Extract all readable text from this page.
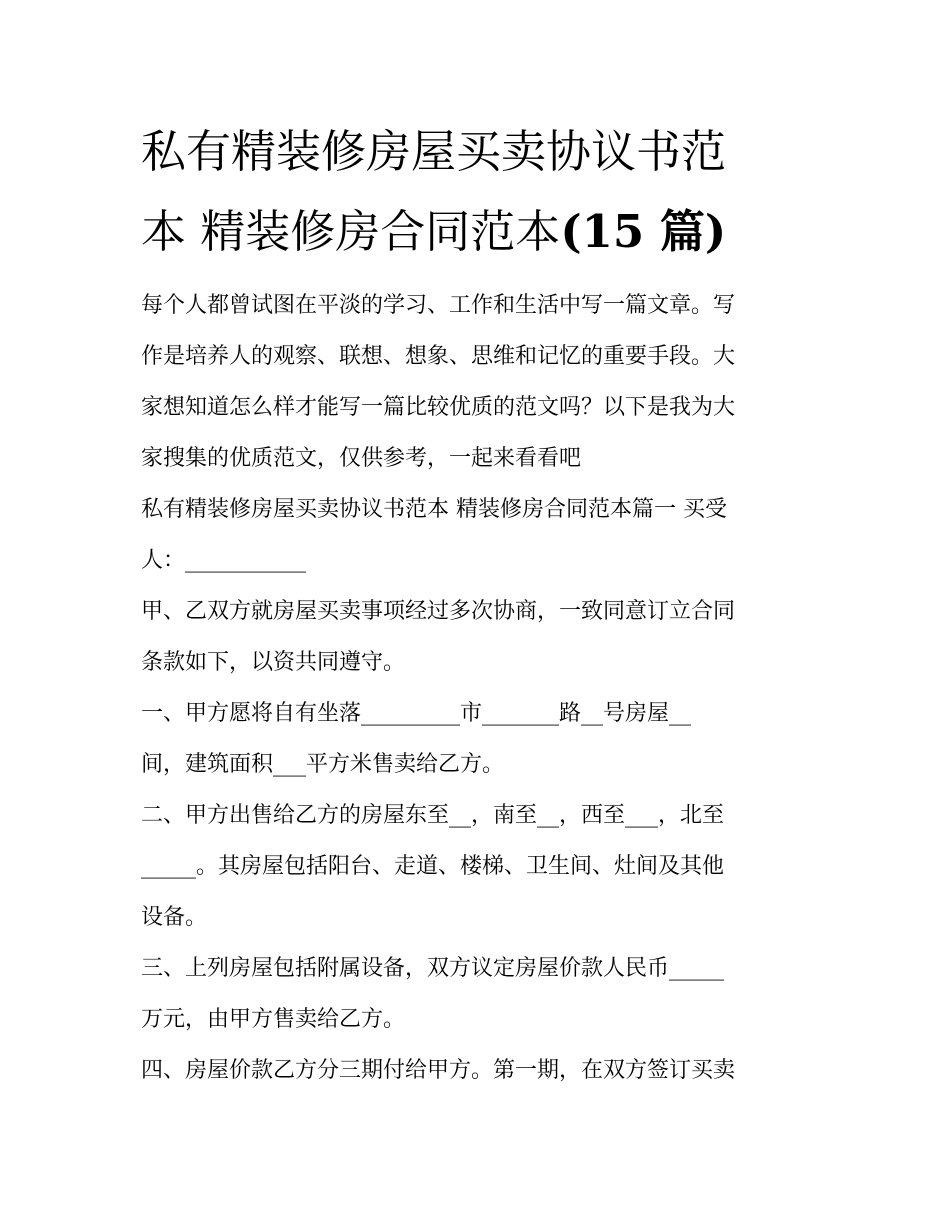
私有精装修房屋买卖协议书范
本 精装修房合同范本(15 篇)

每个人都曾试图在平淡的学习、工作和生活中写一篇文章。写

作是培养人的观察、联想、想象、思维和记忆的重要手段。大

家想知道怎么样才能写一篇比较优质的范文吗？以下是我为大

家搜集的优质范文，仅供参考，一起来看看吧

私有精装修房屋买卖协议书范本 精装修房合同范本篇一 买受

人：___________

甲、乙双方就房屋买卖事项经过多次协商，一致同意订立合同

条款如下，以资共同遵守。

一、甲方愿将自有坐落_________市_______路__号房屋__

间，建筑面积___平方米售卖给乙方。

二、甲方出售给乙方的房屋东至__，南至__，西至___，北至

_____。其房屋包括阳台、走道、楼梯、卫生间、灶间及其他

设备。

三、上列房屋包括附属设备，双方议定房屋价款人民币_____

万元，由甲方售卖给乙方。

四、房屋价款乙方分三期付给甲方。第一期，在双方签订买卖
